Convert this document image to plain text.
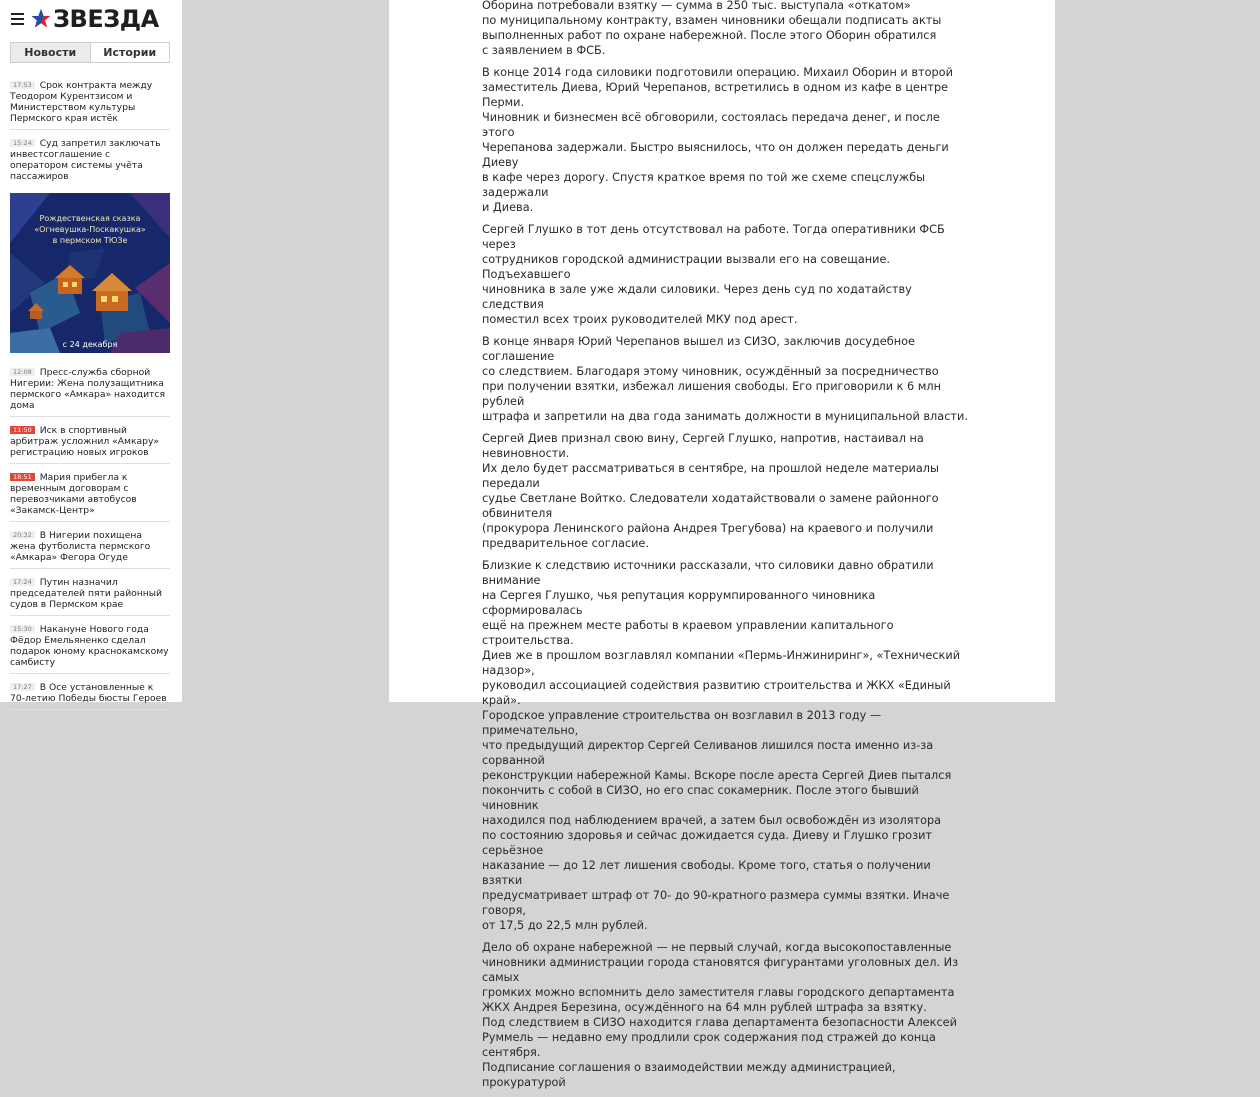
ЗВЕЗДА
Новости	Истории
17:53 Срок контракта между Теодором Курентзисом и Министерством культуры Пермского края истёк
15:24 Суд запретил заключать инвестсоглашение с оператором системы учёта пассажиров
Рождественская сказка
«Огневушка-Поскакушка»
в пермском ТЮЗе
с 24 декабря
12:08 Пресс-служба сборной Нигерии: Жена полузащитника пермского «Амкара» находится дома
11:50 Иск в спортивный арбитраж усложнил «Амкару» регистрацию новых игроков
18:51 Мария прибегла к временным договорам с перевозчиками автобусов «Закамск-Центр»
20:32 В Нигерии похищена жена футболиста пермского «Амкара» Фегора Огуде
17:24 Путин назначил председателей пяти районный судов в Пермском крае
15:30 Накануне Нового года Фёдор Емельяненко сделал подарок юному краснокамскому самбисту
17:27 В Осе установленные к 70-летию Победы бюсты Героев

Оборина потребовали взятку — сумма в 250 тыс. выступала «откатом»
по муниципальному контракту, взамен чиновники обещали подписать акты
выполненных работ по охране набережной. После этого Оборин обратился
с заявлением в ФСБ.

В конце 2014 года силовики подготовили операцию. Михаил Оборин и второй
заместитель Диева, Юрий Черепанов, встретились в одном из кафе в центре Перми.
Чиновник и бизнесмен всё обговорили, состоялась передача денег, и после этого
Черепанова задержали. Быстро выяснилось, что он должен передать деньги Диеву
в кафе через дорогу. Спустя краткое время по той же схеме спецслужбы задержали
и Диева.

Сергей Глушко в тот день отсутствовал на работе. Тогда оперативники ФСБ через
сотрудников городской администрации вызвали его на совещание. Подъехавшего
чиновника в зале уже ждали силовики. Через день суд по ходатайству следствия
поместил всех троих руководителей МКУ под арест.

В конце января Юрий Черепанов вышел из СИЗО, заключив досудебное соглашение
со следствием. Благодаря этому чиновник, осуждённый за посредничество
при получении взятки, избежал лишения свободы. Его приговорили к 6 млн рублей
штрафа и запретили на два года занимать должности в муниципальной власти.

Сергей Диев признал свою вину, Сергей Глушко, напротив, настаивал на невиновности.
Их дело будет рассматриваться в сентябре, на прошлой неделе материалы передали
судье Светлане Войтко. Следователи ходатайствовали о замене районного обвинителя
(прокурора Ленинского района Андрея Трегубова) на краевого и получили
предварительное согласие.

Близкие к следствию источники рассказали, что силовики давно обратили внимание
на Сергея Глушко, чья репутация коррумпированного чиновника сформировалась
ещё на прежнем месте работы в краевом управлении капитального строительства.
Диев же в прошлом возглавлял компании «Пермь-Инжиниринг», «Технический надзор»,
руководил ассоциацией содействия развитию строительства и ЖКХ «Единый край».
Городское управление строительства он возглавил в 2013 году — примечательно,
что предыдущий директор Сергей Селиванов лишился поста именно из-за сорванной
реконструкции набережной Камы. Вскоре после ареста Сергей Диев пытался
покончить с собой в СИЗО, но его спас сокамерник. После этого бывший чиновник
находился под наблюдением врачей, а затем был освобождён из изолятора
по состоянию здоровья и сейчас дожидается суда. Диеву и Глушко грозит серьёзное
наказание — до 12 лет лишения свободы. Кроме того, статья о получении взятки
предусматривает штраф от 70- до 90-кратного размера суммы взятки. Иначе говоря,
от 17,5 до 22,5 млн рублей.

Дело об охране набережной — не первый случай, когда высокопоставленные
чиновники администрации города становятся фигурантами уголовных дел. Из самых
громких можно вспомнить дело заместителя главы городского департамента
ЖКХ Андрея Березина, осуждённого на 64 млн рублей штрафа за взятку.
Под следствием в СИЗО находится глава департамента безопасности Алексей
Руммель — недавно ему продлили срок содержания под стражей до конца сентября.
Подписание соглашения о взаимодействии между администрацией, прокуратурой
